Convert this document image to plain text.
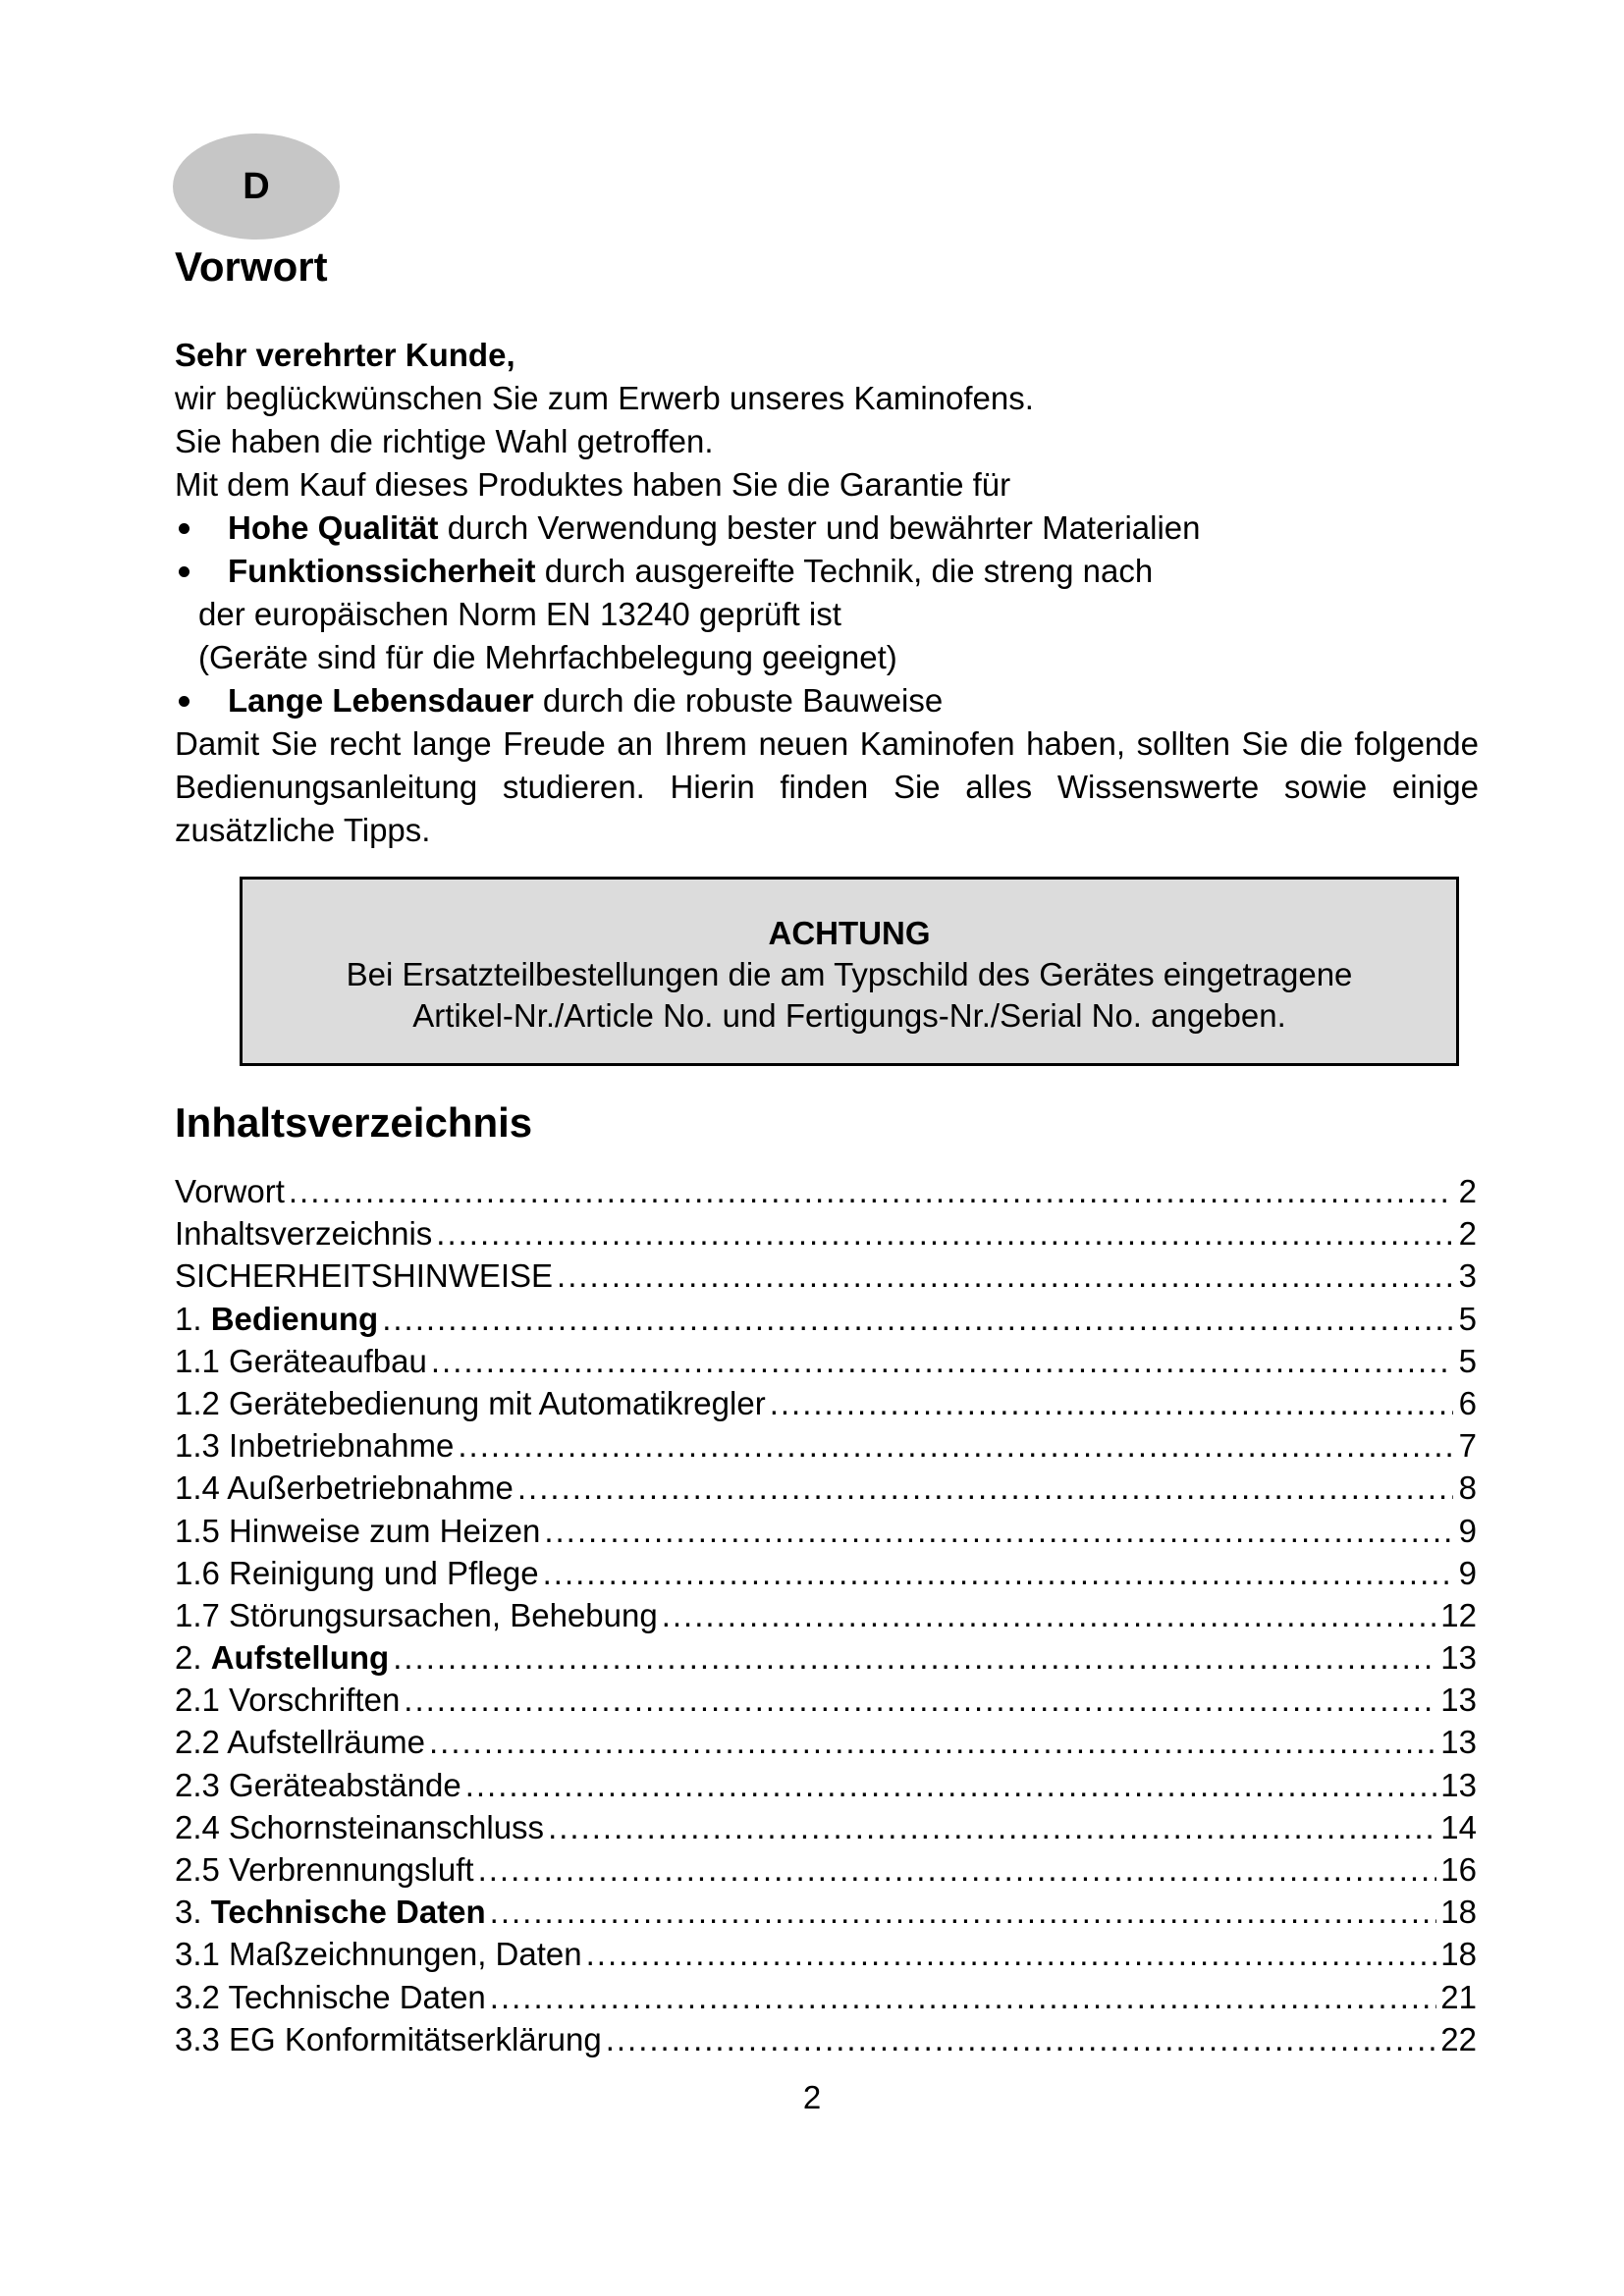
D
Vorwort
Sehr verehrter Kunde,
wir beglückwünschen Sie zum Erwerb unseres Kaminofens.
Sie haben die richtige Wahl getroffen.
Mit dem Kauf dieses Produktes haben Sie die Garantie für
Hohe Qualität durch Verwendung bester und bewährter Materialien
Funktionssicherheit durch ausgereifte Technik, die streng nach
der europäischen Norm EN 13240 geprüft ist
(Geräte sind für die Mehrfachbelegung geeignet)
Lange Lebensdauer durch die robuste Bauweise
Damit Sie recht lange Freude an Ihrem neuen Kaminofen haben, sollten Sie die folgende Bedienungsanleitung studieren. Hierin finden Sie alles Wissenswerte sowie einige zusätzliche Tipps.
ACHTUNG
Bei Ersatzteilbestellungen die am Typschild des Gerätes eingetragene
Artikel-Nr./Article No. und Fertigungs-Nr./Serial No. angeben.
Inhaltsverzeichnis
Vorwort .....	2
Inhaltsverzeichnis .....	2
SICHERHEITSHINWEISE .....	3
1. Bedienung .....	5
1.1 Geräteaufbau .....	5
1.2 Gerätebedienung mit Automatikregler .....	6
1.3 Inbetriebnahme .....	7
1.4 Außerbetriebnahme .....	8
1.5 Hinweise zum Heizen .....	9
1.6 Reinigung und Pflege .....	9
1.7 Störungsursachen, Behebung .....	12
2. Aufstellung .....	13
2.1 Vorschriften .....	13
2.2 Aufstellräume .....	13
2.3 Geräteabstände .....	13
2.4 Schornsteinanschluss .....	14
2.5 Verbrennungsluft .....	16
3. Technische Daten .....	18
3.1 Maßzeichnungen, Daten .....	18
3.2 Technische Daten .....	21
3.3 EG Konformitätserklärung .....	22
2
